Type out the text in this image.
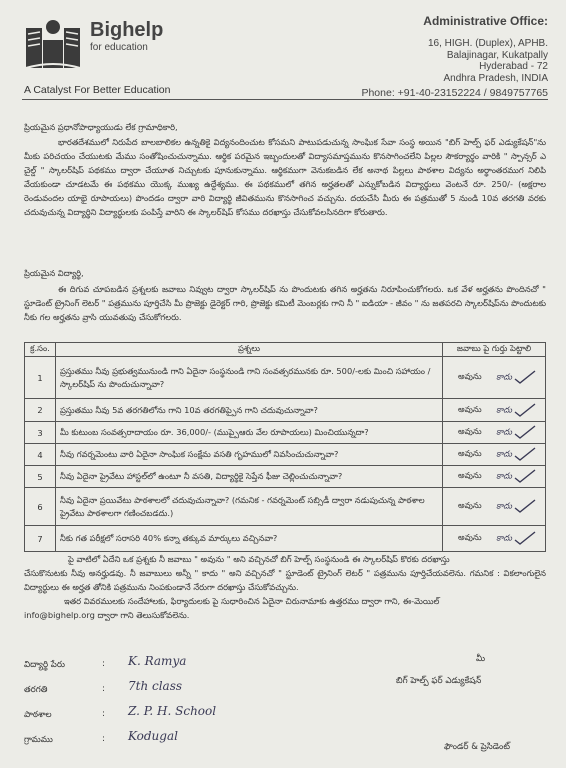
Bighelp
for education
A Catalyst For Better Education
Administrative Office:
16, HIGH. (Duplex), APHB.
Balajinagar, Kukatpally
Hyderabad - 72
Andhra Pradesh, INDIA
Phone: +91-40-23152224 / 9849757765
ప్రియమైన ప్రధానోపాధ్యాయుడు లేక గ్రామాధికారి,
భారతదేశములో నిరుపేద బాలబాలికల ఉన్నతికై విద్యనందించుట కోసమని పాటుపడుచున్న సాంఘిక సేవా సంస్థ అయిన "బిగ్ హెల్ప్ ఫర్ ఎడ్యుకేషన్"ను మీకు పరిచయం చేయుటకు మేము సంతోషించుచున్నాము. ఆర్థిక పరమైన ఇబ్బందులతో విద్యాసమాప్తమును కొనసాగించలేని పిల్లల సౌకర్యార్థం వారికి " స్పాన్సర్ ఎ చైల్డ్ " స్కాలర్‌షిప్ పథకము ద్వారా చేయూత నిచ్చుటకు పూనుకున్నాము. ఆర్థికముగా వెనుకబడిన లేక అనాథ పిల్లలు పాఠశాల విద్యను అర్థాంతరముగ నిలిపి వేయకుండా చూడటమే ఈ పథకము యొక్క ముఖ్య ఉద్దేశ్యము. ఈ పథకములో తగిన అర్హతలతో ఎన్నుకోబడిన విద్యార్థులు వెంటనే రూ. 250/- (అక్షరాల రెండువందల యాభై రూపాయలు) పొందడం ద్వారా వారి విద్యార్థి జీవితమును కొనసాగించ వచ్చును. దయచేసి మీరు ఈ పత్రముతో 5 నుండి 10వ తరగతి వరకు చదువుచున్న విద్యార్థిని విద్యార్థులకు పంపిస్తే వారిని ఈ స్కాలర్‌షిప్ కోసము దరఖాస్తు చేసుకోవలసినదిగా కోరుతారు.
ప్రియమైన విద్యార్థి,
ఈ దిగువ చూపబడిన ప్రశ్నలకు జవాబు నివ్వుట ద్వారా స్కాలర్‌షిప్ ను పొందుటకు తగిన అర్హతను నిరూపించుకోగలరు. ఒక వేళ అర్హతను పొందినచో " స్టూడెంట్ ట్రైనింగ్ లెటర్ " పత్రమును పూర్తిచేసి మీ ప్రొజెక్టు డైరెక్టర్ గారి, ప్రొజెక్టు కమిటీ మెంబర్లకు గాని నీ " ఐడియా - జీవం " ను జతపరచి స్కాలర్‌షిప్‌ను పొందుటకు నీకు గల అర్హతను వ్రాసి యువతుపు చేసుకోగలరు.
క్ర.సం.	ప్రశ్నలు	జవాబు పై గుర్తు పెట్టాలి
1	ప్రస్తుతము నీవు ప్రభుత్వమునుండి గాని ఏదైనా సంస్థనుండి గాని సంవత్సరమునకు రూ. 500/-లకు మించి సహాయం / స్కాలర్‌షిప్ ను పొందుచున్నావా?	అవును కాదు

2	ప్రస్తుతము నీవు 5వ తరగతిలోను గాని 10వ తరగతిప్పైన గాని చదువుచున్నావా?	అవును కాదు

3	మీ కుటుంబ సంవత్సరాదాయం రూ. 36,000/- (ముప్పైఆరు వేల రూపాయలు) మించియున్నదా?	అవును కాదు

4	నీవు గవర్నమెంటు వారి ఏదైనా సాంఘిక సంక్షేమ వసతి గృహములో నివసించుచున్నావా?	అవును కాదు

5	నీవు ఏదైనా ప్రైవేటు హాస్టల్‌లో ఉంటూ నీ వసతి, విద్యార్థికై సెప్తేన ఫీజు చెల్లించుచున్నావా?	అవును కాదు

6	నీవు ఏదైనా ప్రయివేటు పాఠశాలలో చదువుచున్నావా? (గమనిక - గవర్నమెంట్ సబ్సిడీ ద్వారా నడుపుచున్న పాఠశాల ప్రైవేటు పాఠశాలగా గణించబడదు.)	అవును కాదు

7	నీకు గత పరీక్షలో సరాసరి 40% కన్నా తక్కువ మార్కులు వచ్చినవా?	అవును కాదు

పై వాటిలో ఏదేని ఒక ప్రశ్నకు నీ జవాబు " అవును " అని వచ్చినచో బిగ్ హెల్ప్ సంస్థనుండి ఈ స్కాలర్‌షిప్ కొరకు దరఖాస్తు

చేసుకొనుటకు నీవు అనర్హుడవు. నీ జవాబులు అన్నీ " కాదు " అని వచ్చినచో " స్టూడెంట్ ట్రైనింగ్ లెటర్ " పత్రమును పూర్తిచేయవలెను. గమనిక : వికలాంగులైన విద్యార్థులు ఈ అర్హత తోనికి పత్రమును నింపకుండానే నేరుగా దరఖాస్తు చేసుకోవచ్చును.

ఇతర వివరములకు సందేహాలకు, ఫిర్యాదులకు పై సుధారించిన ఏదైనా చిరునామాకు ఉత్తరము ద్వారా గాని, ఈ-మెయిల్

info@bighelp.org ద్వారా గాని తెలుసుకోవలెను.

విద్యార్థి పేరు	: K. Ramya
తరగతి	: 7th class
పాఠశాల	: Z. P. H. School
గ్రామము	: Kodugal
మీ
బిగ్ హెల్ప్ ఫర్ ఎడ్యుకేషన్
ఫౌండర్ & ప్రెసిడెంట్
